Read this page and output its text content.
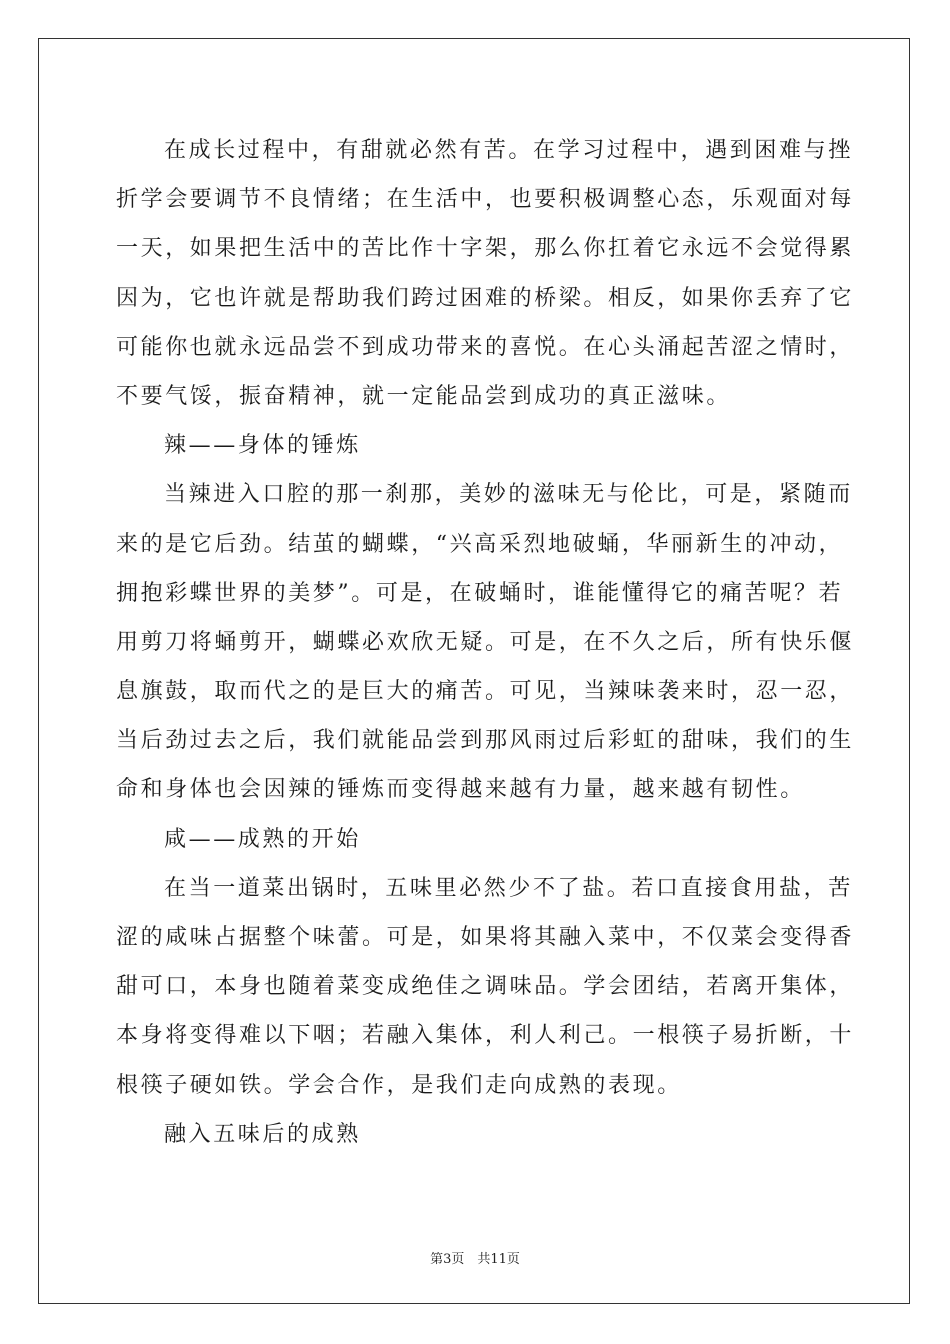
在成长过程中，有甜就必然有苦。在学习过程中，遇到困难与挫
折学会要调节不良情绪；在生活中，也要积极调整心态，乐观面对每
一天，如果把生活中的苦比作十字架，那么你扛着它永远不会觉得累
因为，它也许就是帮助我们跨过困难的桥梁。相反，如果你丢弃了它
可能你也就永远品尝不到成功带来的喜悦。在心头涌起苦涩之情时，
不要气馁，振奋精神，就一定能品尝到成功的真正滋味。
辣——身体的锤炼
当辣进入口腔的那一刹那，美妙的滋味无与伦比，可是，紧随而
来的是它后劲。结茧的蝴蝶，“兴高采烈地破蛹，华丽新生的冲动，
拥抱彩蝶世界的美梦”。可是，在破蛹时，谁能懂得它的痛苦呢？若
用剪刀将蛹剪开，蝴蝶必欢欣无疑。可是，在不久之后，所有快乐偃
息旗鼓，取而代之的是巨大的痛苦。可见，当辣味袭来时，忍一忍，
当后劲过去之后，我们就能品尝到那风雨过后彩虹的甜味，我们的生
命和身体也会因辣的锤炼而变得越来越有力量，越来越有韧性。
咸——成熟的开始
在当一道菜出锅时，五味里必然少不了盐。若口直接食用盐，苦
涩的咸味占据整个味蕾。可是，如果将其融入菜中，不仅菜会变得香
甜可口，本身也随着菜变成绝佳之调味品。学会团结，若离开集体，
本身将变得难以下咽；若融入集体，利人利己。一根筷子易折断，十
根筷子硬如铁。学会合作，是我们走向成熟的表现。
融入五味后的成熟
第3页　共11页
